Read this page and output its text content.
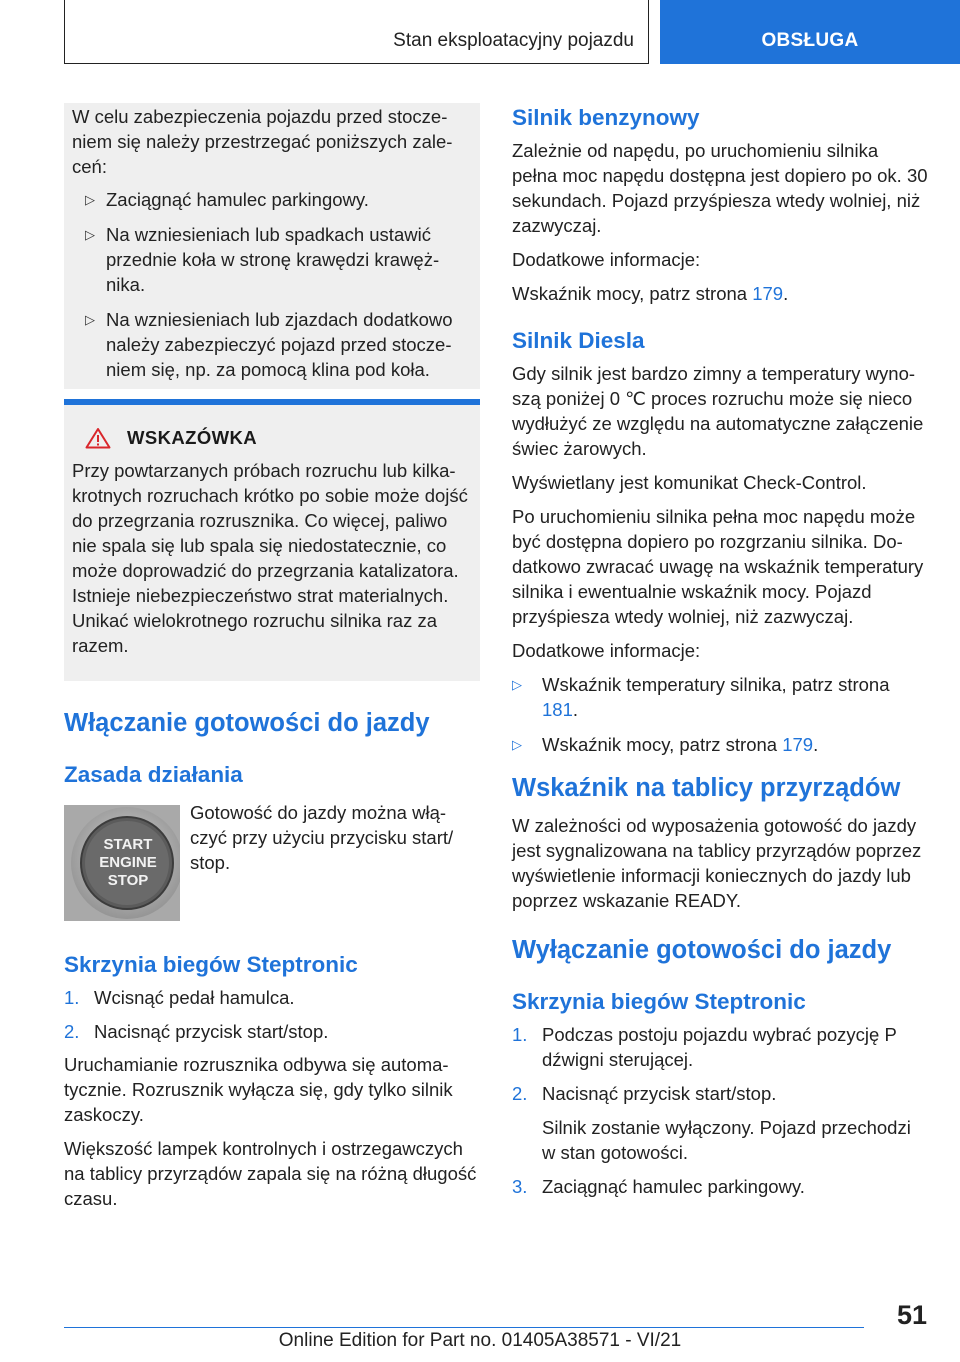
Stan eksploatacyjny pojazdu	OBSŁUGA

W celu zabezpieczenia pojazdu przed stoczeniem się należy przestrzegać poniższych zaleceń:

▷ Zaciągnąć hamulec parkingowy.
▷ Na wzniesieniach lub spadkach ustawić przednie koła w stronę krawędzi krawężnika.
▷ Na wzniesieniach lub zjazdach dodatkowo należy zabezpieczyć pojazd przed stoczeniem się, np. za pomocą klina pod koła.
WSKAZÓWKA

Przy powtarzanych próbach rozruchu lub kilkakrotnych rozruchach krótko po sobie może dojść do przegrzania rozrusznika. Co więcej, paliwo nie spala się lub spala się niedostatecznie, co może doprowadzić do przegrzania katalizatora. Istnieje niebezpieczeństwo strat materialnych. Unikać wielokrotnego rozruchu silnika raz za razem.

Włączanie gotowości do jazdy
Zasada działania
START
ENGINE
STOP

Gotowość do jazdy można włączyć przy użyciu przycisku start/ stop.

Skrzynia biegów Steptronic
1. Wcisnąć pedał hamulca.
2. Nacisnąć przycisk start/stop.

Uruchamianie rozrusznika odbywa się automatycznie. Rozrusznik wyłącza się, gdy tylko silnik zaskoczy.

Większość lampek kontrolnych i ostrzegawczych na tablicy przyrządów zapala się na różną długość czasu.

Silnik benzynowy

Zależnie od napędu, po uruchomieniu silnika pełna moc napędu dostępna jest dopiero po ok. 30 sekundach. Pojazd przyśpiesza wtedy wolniej, niż zazwyczaj.

Dodatkowe informacje:

Wskaźnik mocy, patrz strona 179.

Silnik Diesla

Gdy silnik jest bardzo zimny a temperatury wynoszą poniżej 0 ℃ proces rozruchu może się nieco wydłużyć ze względu na automatyczne załączenie świec żarowych.

Wyświetlany jest komunikat Check-Control.

Po uruchomieniu silnika pełna moc napędu może być dostępna dopiero po rozgrzaniu silnika. Dodatkowo zwracać uwagę na wskaźnik temperatury silnika i ewentualnie wskaźnik mocy. Pojazd przyśpiesza wtedy wolniej, niż zazwyczaj.

Dodatkowe informacje:

▷ Wskaźnik temperatury silnika, patrz strona 181.
▷ Wskaźnik mocy, patrz strona 179.
Wskaźnik na tablicy przyrządów

W zależności od wyposażenia gotowość do jazdy jest sygnalizowana na tablicy przyrządów poprzez wyświetlenie informacji koniecznych do jazdy lub poprzez wskazanie READY.

Wyłączanie gotowości do jazdy
Skrzynia biegów Steptronic
1. Podczas postoju pojazdu wybrać pozycję P dźwigni sterującej.
2. Nacisnąć przycisk start/stop.
Silnik zostanie wyłączony. Pojazd przechodzi w stan gotowości.
3. Zaciągnąć hamulec parkingowy.
51
Online Edition for Part no. 01405A38571 - VI/21
